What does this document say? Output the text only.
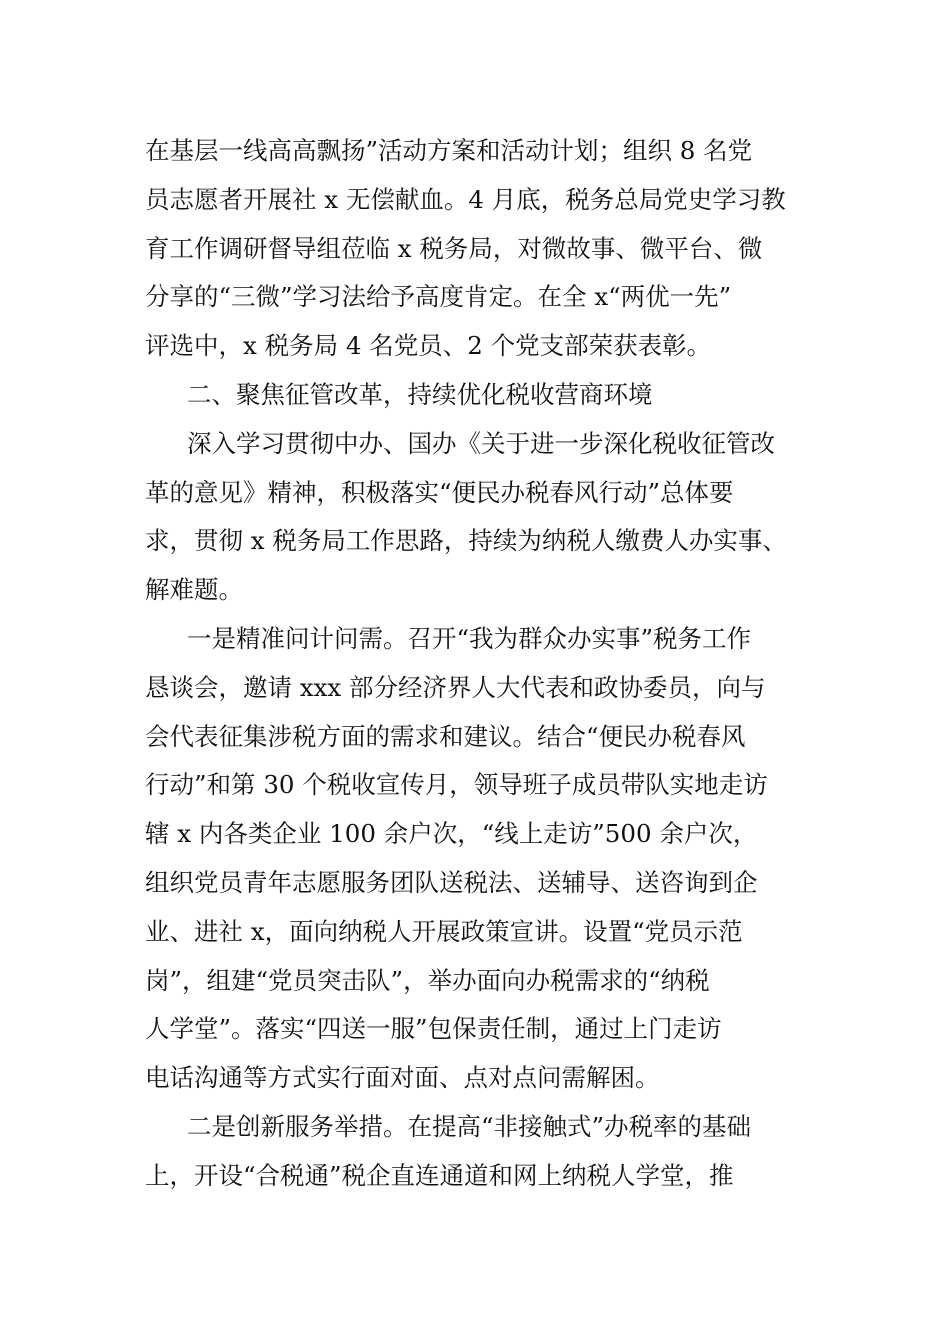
在基层一线高高飘扬”活动方案和活动计划；组织 8 名党
员志愿者开展社 x 无偿献血。4 月底，税务总局党史学习教
育工作调研督导组莅临 x 税务局，对微故事、微平台、微
分享的“三微”学习法给予高度肯定。在全 x“两优一先”
评选中，x 税务局 4 名党员、2 个党支部荣获表彰。
二、聚焦征管改革，持续优化税收营商环境
深入学习贯彻中办、国办《关于进一步深化税收征管改
革的意见》精神，积极落实“便民办税春风行动”总体要
求，贯彻 x 税务局工作思路，持续为纳税人缴费人办实事、
解难题。
一是精准问计问需。召开“我为群众办实事”税务工作
恳谈会，邀请 xxx 部分经济界人大代表和政协委员，向与
会代表征集涉税方面的需求和建议。结合“便民办税春风
行动”和第 30 个税收宣传月，领导班子成员带队实地走访
辖 x 内各类企业 100 余户次，“线上走访”500 余户次，
组织党员青年志愿服务团队送税法、送辅导、送咨询到企
业、进社 x，面向纳税人开展政策宣讲。设置“党员示范
岗”，组建“党员突击队”，举办面向办税需求的“纳税
人学堂”。落实“四送一服”包保责任制，通过上门走访
电话沟通等方式实行面对面、点对点问需解困。
二是创新服务举措。在提高“非接触式”办税率的基础
上，开设“合税通”税企直连通道和网上纳税人学堂，推
